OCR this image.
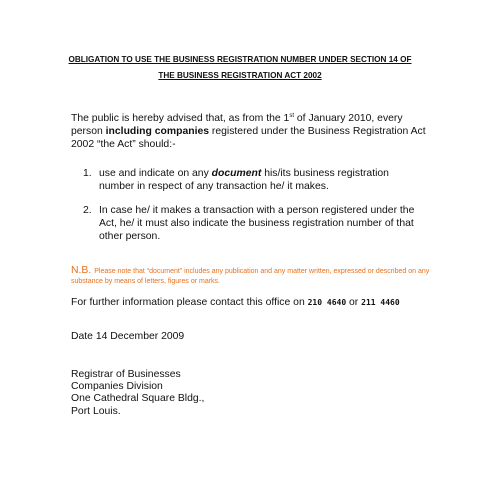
OBLIGATION TO USE THE BUSINESS REGISTRATION NUMBER UNDER SECTION 14 OF
THE BUSINESS REGISTRATION ACT 2002
The public is hereby advised that, as from the 1st of January 2010, every person including companies registered under the Business Registration Act 2002 “the Act” should:-
1. use and indicate on any document his/its business registration number in respect of any transaction he/ it makes.
2. In case he/ it makes a transaction with a person registered under the Act, he/ it must also indicate the business registration number of that other person.
N.B. Please note that “document” includes any publication and any matter written, expressed or described on any substance by means of letters, figures or marks.
For further information please contact this office on 210 4640 or 211 4460
Date 14 December 2009
Registrar of Businesses
Companies Division
One Cathedral Square Bldg.,
Port Louis.
